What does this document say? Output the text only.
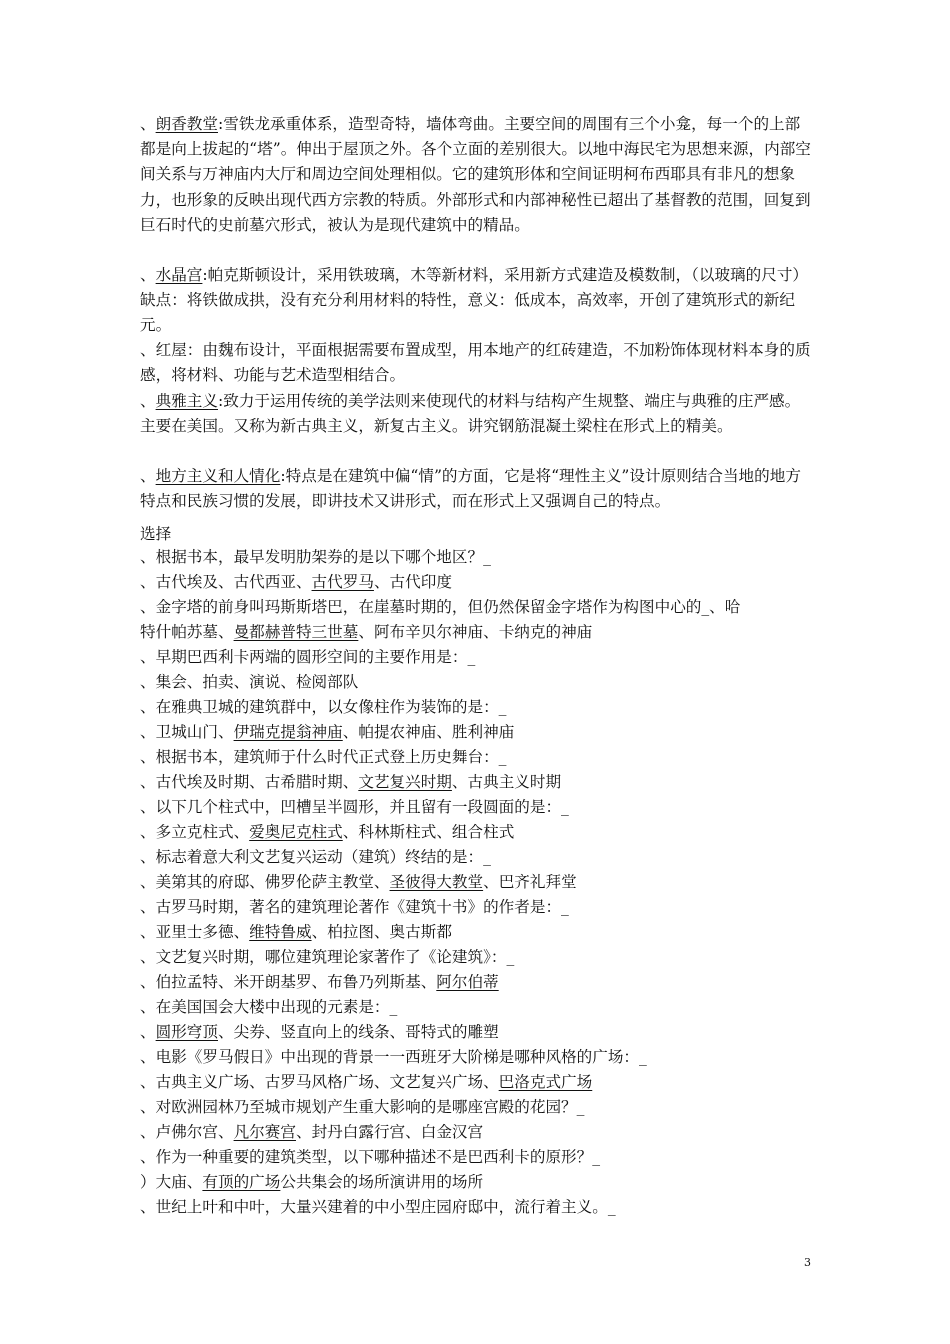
、朗香教堂:雪铁龙承重体系，造型奇特，墙体弯曲。主要空间的周围有三个小龛，每一个的上部都是向上拔起的“塔”。伸出于屋顶之外。各个立面的差别很大。以地中海民宅为思想来源，内部空间关系与万神庙内大厅和周边空间处理相似。它的建筑形体和空间证明柯布西耶具有非凡的想象力，也形象的反映出现代西方宗教的特质。外部形式和内部神秘性已超出了基督教的范围，回复到巨石时代的史前墓穴形式，被认为是现代建筑中的精品。
、水晶宫:帕克斯顿设计，采用铁玻璃，木等新材料，采用新方式建造及模数制，（以玻璃的尺寸）缺点：将铁做成拱，没有充分利用材料的特性，意义：低成本，高效率，开创了建筑形式的新纪元。
、红屋：由魏布设计，平面根据需要布置成型，用本地产的红砖建造，不加粉饰体现材料本身的质感，将材料、功能与艺术造型相结合。
、典雅主义:致力于运用传统的美学法则来使现代的材料与结构产生规整、端庄与典雅的庄严感。主要在美国。又称为新古典主义，新复古主义。讲究钢筋混凝土梁柱在形式上的精美。
、地方主义和人情化:特点是在建筑中偏“情”的方面，它是将“理性主义”设计原则结合当地的地方特点和民族习惯的发展，即讲技术又讲形式，而在形式上又强调自己的特点。
选择
、根据书本，最早发明肋架券的是以下哪个地区？_
、古代埃及、古代西亚、古代罗马、古代印度
、金字塔的前身叫玛斯斯塔巴，在崖墓时期的，但仍然保留金字塔作为构图中心的_、哈
特什帕苏墓、曼都赫普特三世墓、阿布辛贝尔神庙、卡纳克的神庙
、早期巴西利卡两端的圆形空间的主要作用是：_
、集会、拍卖、演说、检阅部队
、在雅典卫城的建筑群中，以女像柱作为装饰的是：_
、卫城山门、伊瑞克提翁神庙、帕提农神庙、胜利神庙
、根据书本，建筑师于什么时代正式登上历史舞台：_
、古代埃及时期、古希腊时期、文艺复兴时期、古典主义时期
、以下几个柱式中，凹槽呈半圆形，并且留有一段圆面的是：_
、多立克柱式、爱奥尼克柱式、科林斯柱式、组合柱式
、标志着意大利文艺复兴运动（建筑）终结的是：_
、美第其的府邸、佛罗伦萨主教堂、圣彼得大教堂、巴齐礼拜堂
、古罗马时期，著名的建筑理论著作《建筑十书》的作者是：_
、亚里士多德、维特鲁威、柏拉图、奥古斯都
、文艺复兴时期，哪位建筑理论家著作了《论建筑》：_
、伯拉孟特、米开朗基罗、布鲁乃列斯基、阿尔伯蒂
、在美国国会大楼中出现的元素是：_
、圆形穹顶、尖券、竖直向上的线条、哥特式的雕塑
、电影《罗马假日》中出现的背景一一西班牙大阶梯是哪种风格的广场：_
、古典主义广场、古罗马风格广场、文艺复兴广场、巴洛克式广场
、对欧洲园林乃至城市规划产生重大影响的是哪座宫殿的花园？_
、卢佛尔宫、凡尔赛宫、封丹白露行宫、白金汉宫
、作为一种重要的建筑类型，以下哪种描述不是巴西利卡的原形？_
）大庙、有顶的广场公共集会的场所演讲用的场所
、世纪上叶和中叶，大量兴建着的中小型庄园府邸中，流行着主义。_
3
